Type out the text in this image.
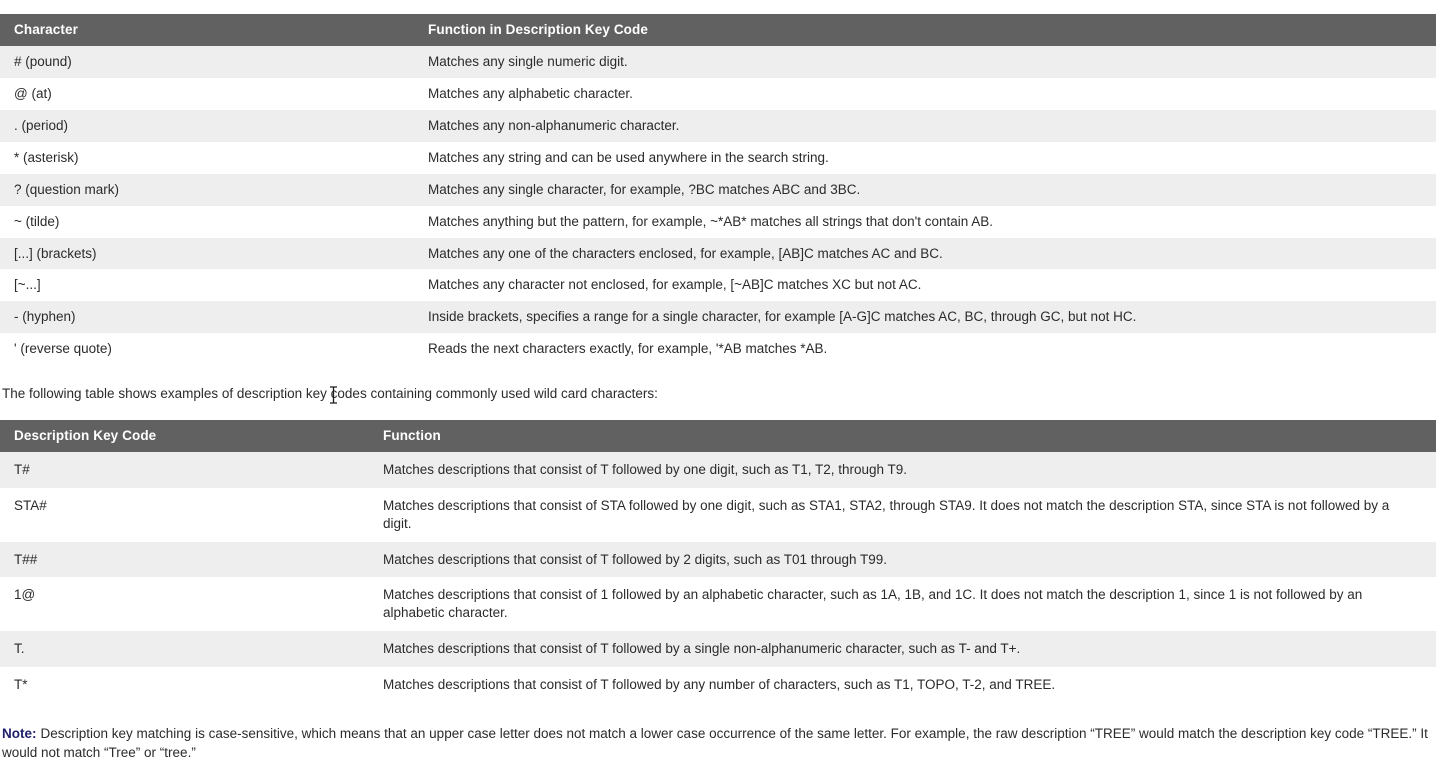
Character	Function in Description Key Code
# (pound)	Matches any single numeric digit.
@ (at)	Matches any alphabetic character.
. (period)	Matches any non-alphanumeric character.
* (asterisk)	Matches any string and can be used anywhere in the search string.
? (question mark)	Matches any single character, for example, ?BC matches ABC and 3BC.
~ (tilde)	Matches anything but the pattern, for example, ~*AB* matches all strings that don't contain AB.
[...] (brackets)	Matches any one of the characters enclosed, for example, [AB]C matches AC and BC.
[~...]	Matches any character not enclosed, for example, [~AB]C matches XC but not AC.
- (hyphen)	Inside brackets, specifies a range for a single character, for example [A-G]C matches AC, BC, through GC, but not HC.
' (reverse quote)	Reads the next characters exactly, for example, '*AB matches *AB.

The following table shows examples of description key codes containing commonly used wild card characters:

Description Key Code	Function
T#	Matches descriptions that consist of T followed by one digit, such as T1, T2, through T9.
STA#	Matches descriptions that consist of STA followed by one digit, such as STA1, STA2, through STA9. It does not match the description STA, since STA is not followed by a digit.
T##	Matches descriptions that consist of T followed by 2 digits, such as T01 through T99.
1@	Matches descriptions that consist of 1 followed by an alphabetic character, such as 1A, 1B, and 1C. It does not match the description 1, since 1 is not followed by an alphabetic character.
T.	Matches descriptions that consist of T followed by a single non-alphanumeric character, such as T- and T+.
T*	Matches descriptions that consist of T followed by any number of characters, such as T1, TOPO, T-2, and TREE.

Note: Description key matching is case-sensitive, which means that an upper case letter does not match a lower case occurrence of the same letter. For example, the raw description “TREE” would match the description key code “TREE.” It would not match “Tree” or “tree.”
